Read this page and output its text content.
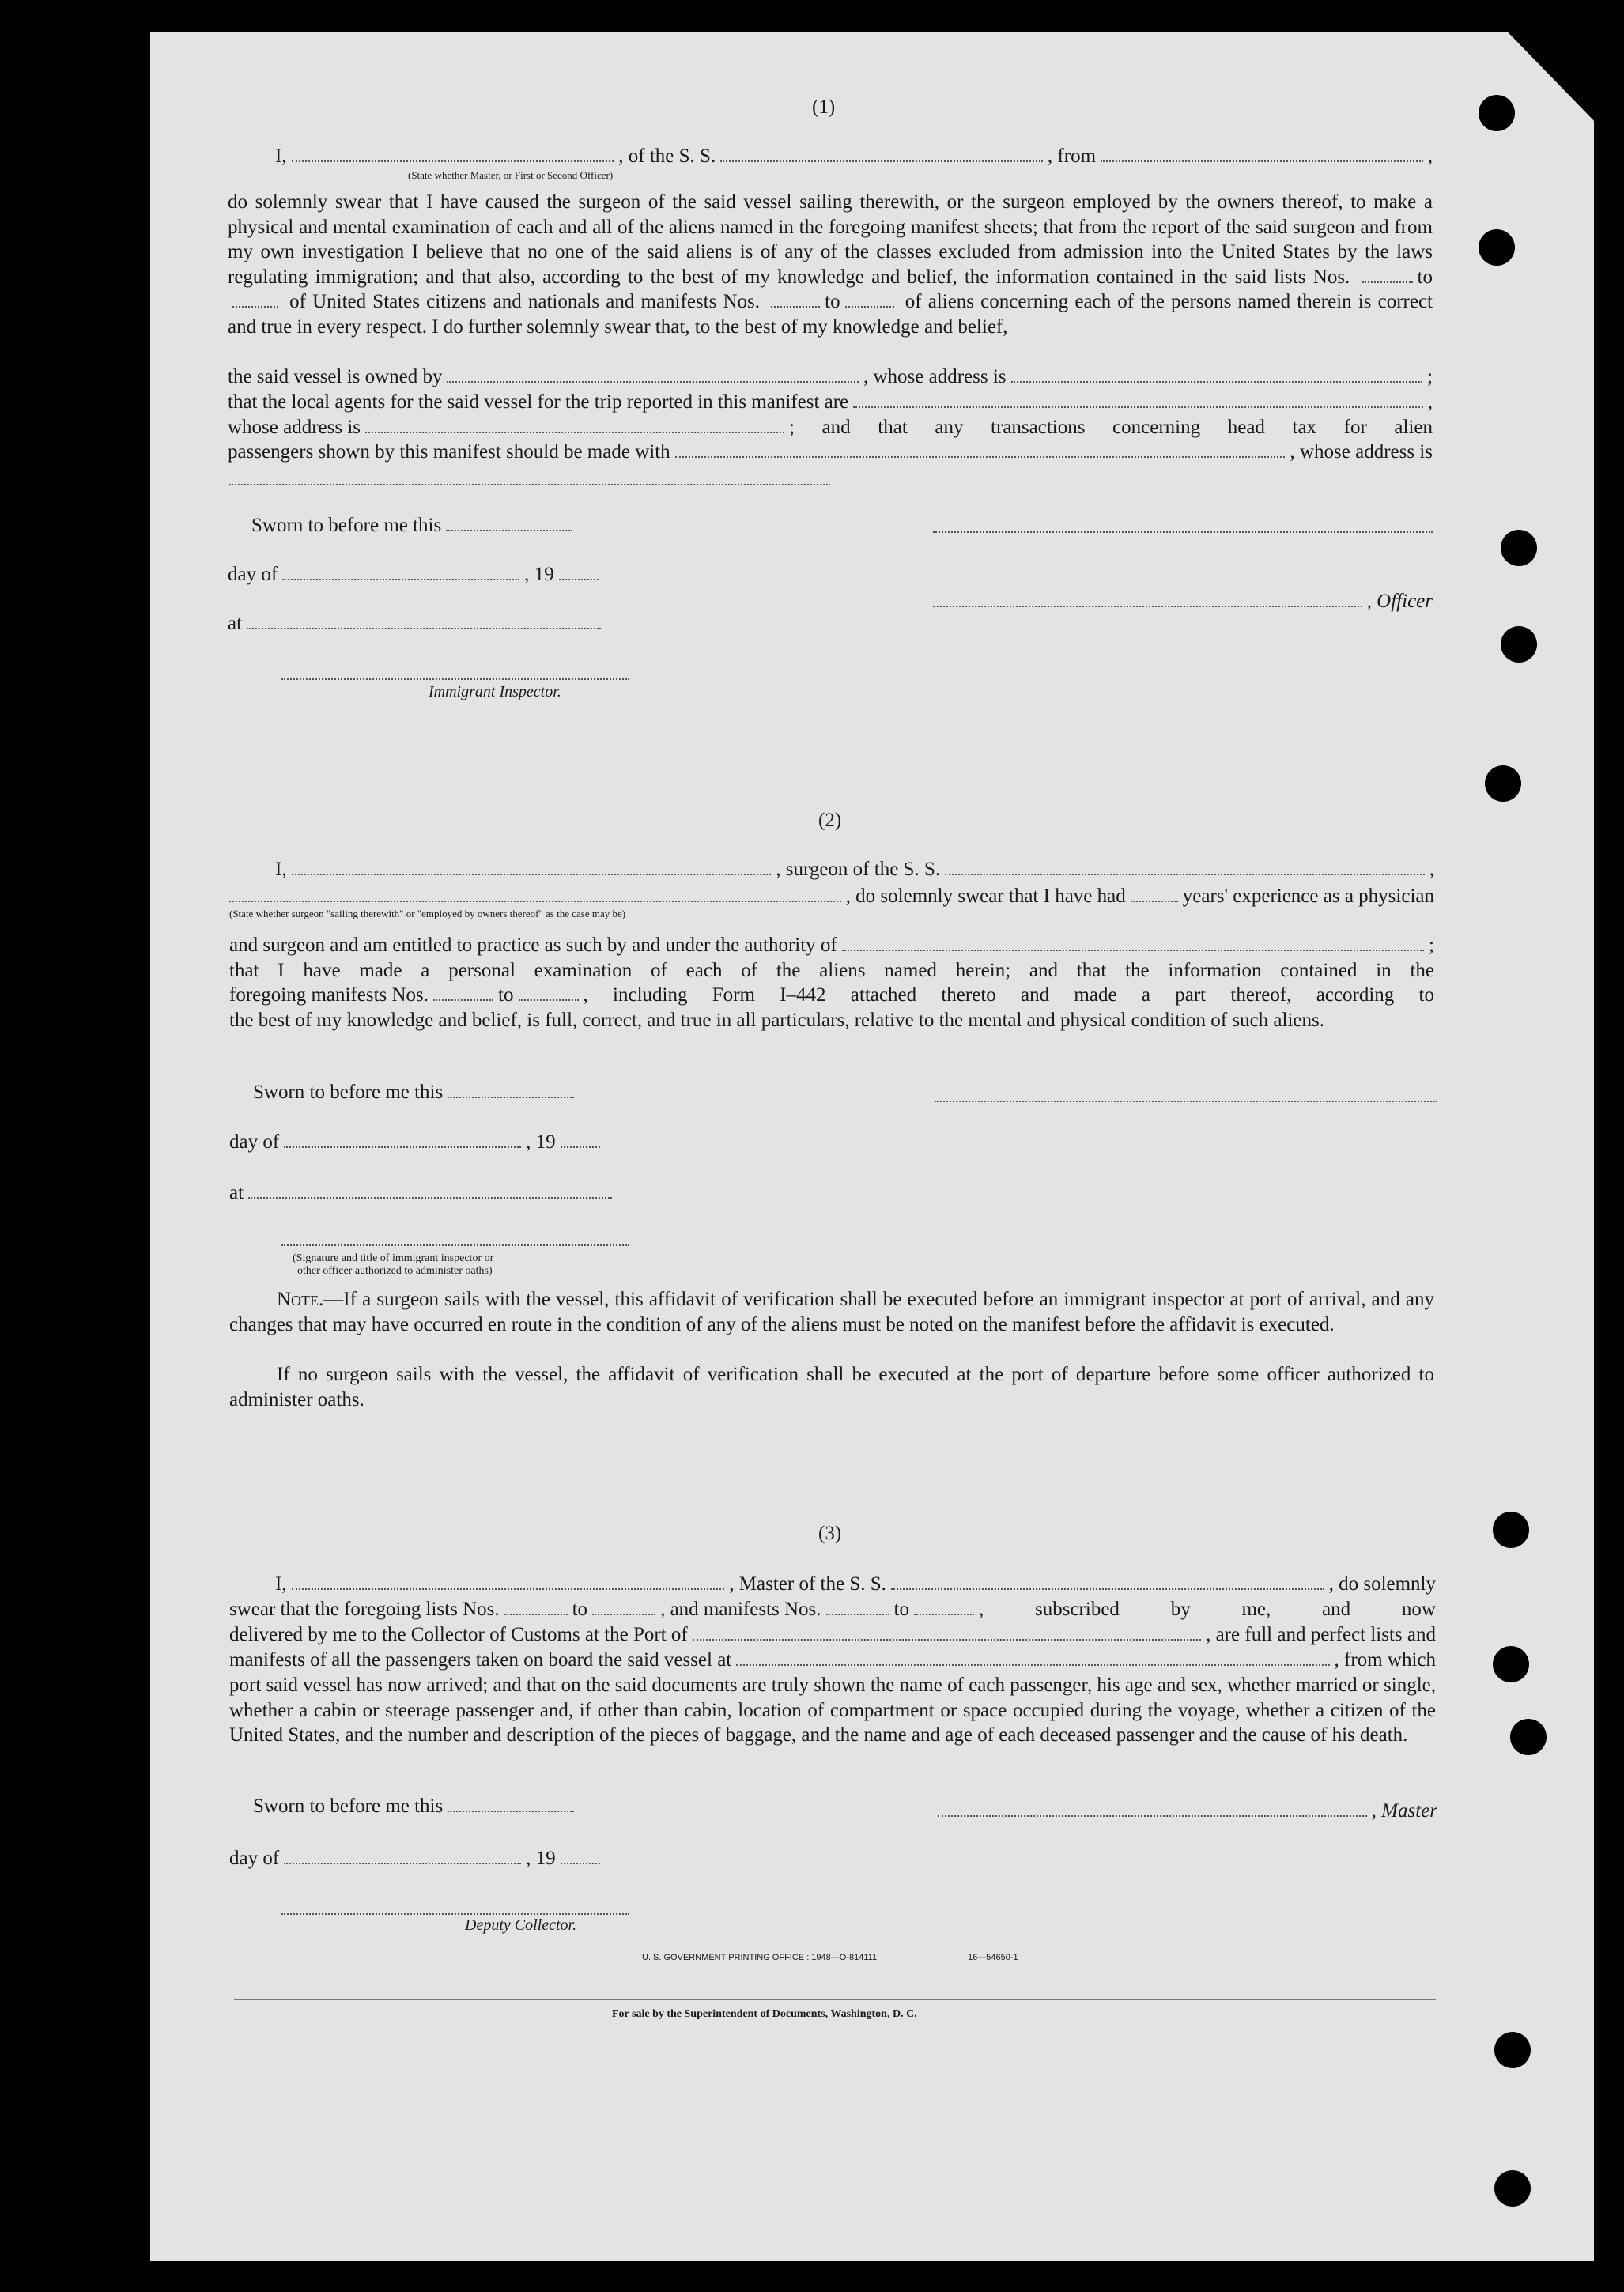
(1)
I,	, of the S. S.	, from	,
(State whether Master, or First or Second Officer)
do solemnly swear that I have caused the surgeon of the said vessel sailing therewith, or the surgeon employed by the owners thereof, to make a physical and mental examination of each and all of the aliens named in the foregoing manifest sheets; that from the report of the said surgeon and from my own investigation I believe that no one of the said aliens is of any of the classes excluded from admission into the United States by the laws regulating immigration; and that also, according to the best of my knowledge and belief, the information contained in the said lists Nos.	to of United States citizens and nationals and manifests Nos.	to	of aliens concerning each of the persons named therein is correct and true in every respect. I do further solemnly swear that, to the best of my knowledge and belief,
the said vessel is owned by	, whose address is	;
that the local agents for the said vessel for the trip reported in this manifest are	,
whose address is	; and that any transactions concerning head tax for alien
passengers shown by this manifest should be made with	, whose address is
Sworn to before me this
day of	, 19
, Officer
at
Immigrant Inspector.
(2)
I,	, surgeon of the S. S.	,
, do solemnly swear that I have had	years' experience as a physician
(State whether surgeon "sailing therewith" or "employed by owners thereof" as the case may be)
and surgeon and am entitled to practice as such by and under the authority of	;
that I have made a personal examination of each of the aliens named herein; and that the information contained in the
foregoing manifests Nos.	to	, including Form I–442 attached thereto and made a part thereof, according to
the best of my knowledge and belief, is full, correct, and true in all particulars, relative to the mental and physical condition of such aliens.
Sworn to before me this
day of	, 19
at
(Signature and title of immigrant inspector or
other officer authorized to administer oaths)
Note.—If a surgeon sails with the vessel, this affidavit of verification shall be executed before an immigrant inspector at port of arrival, and any changes that may have occurred en route in the condition of any of the aliens must be noted on the manifest before the affidavit is executed.
If no surgeon sails with the vessel, the affidavit of verification shall be executed at the port of departure before some officer authorized to administer oaths.
(3)
I,	, Master of the S. S.	, do solemnly
swear that the foregoing lists Nos.	to	, and manifests Nos.	to	, subscribed by me, and now
delivered by me to the Collector of Customs at the Port of	, are full and perfect lists and
manifests of all the passengers taken on board the said vessel at	, from which
port said vessel has now arrived; and that on the said documents are truly shown the name of each passenger, his age and sex, whether married or single, whether a cabin or steerage passenger and, if other than cabin, location of compartment or space occupied during the voyage, whether a citizen of the United States, and the number and description of the pieces of baggage, and the name and age of each deceased passenger and the cause of his death.
Sworn to before me this	, Master
day of	, 19
Deputy Collector.
U. S. GOVERNMENT PRINTING OFFICE : 1948—O-814111	16—54650-1
For sale by the Superintendent of Documents, Washington, D. C.
